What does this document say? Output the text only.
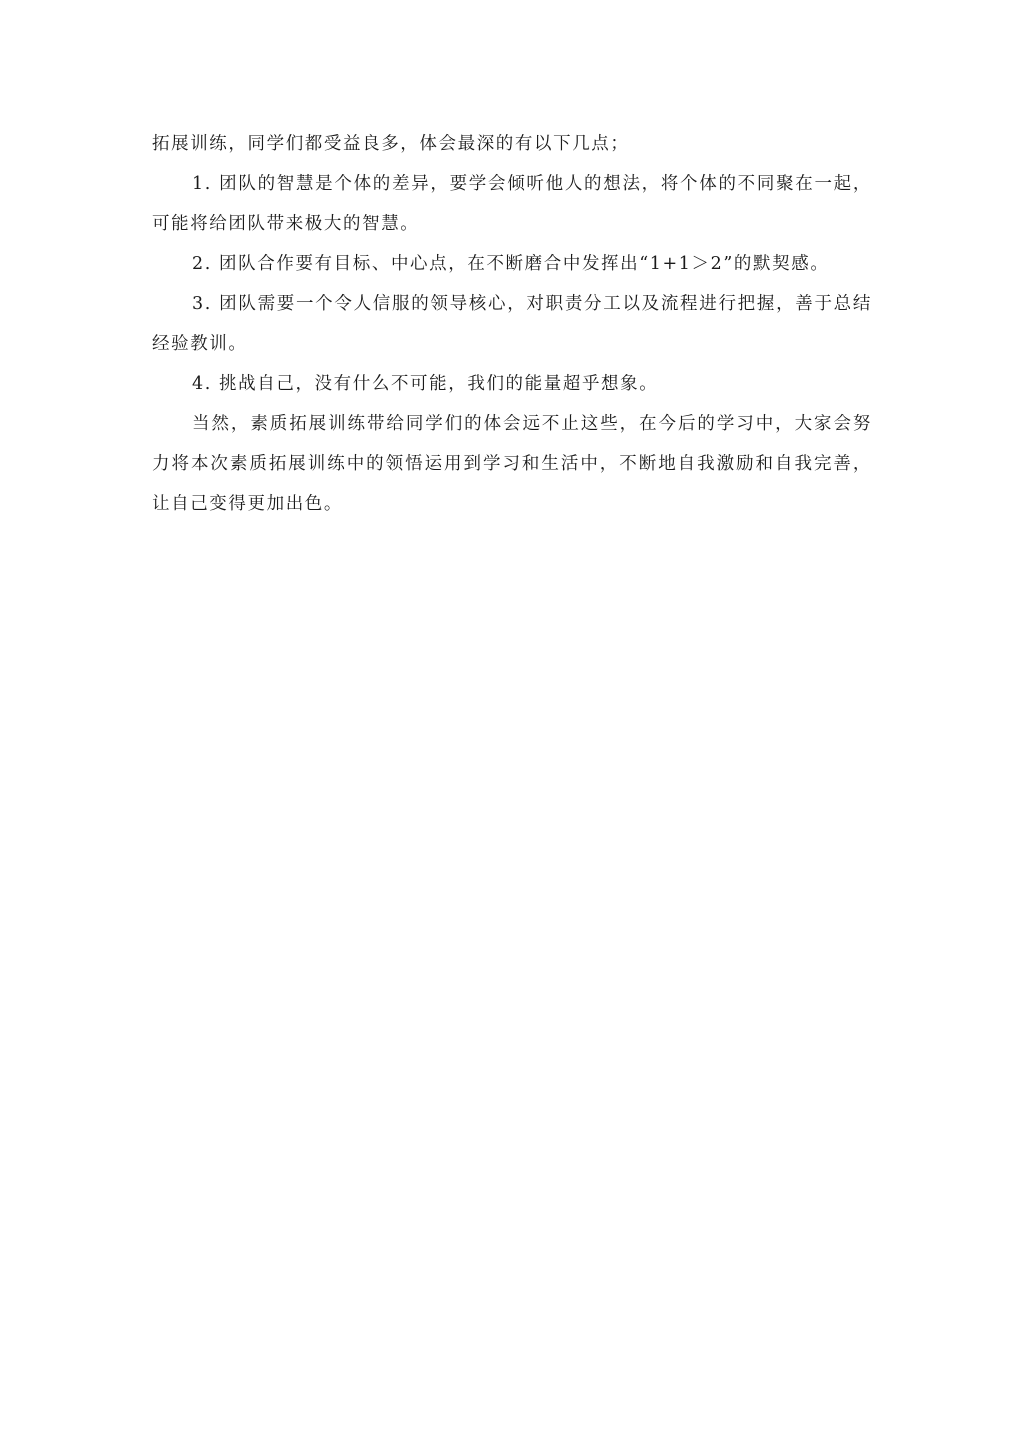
拓展训练，同学们都受益良多，体会最深的有以下几点；

1. 团队的智慧是个体的差异，要学会倾听他人的想法，将个体的不同聚在一起，可能将给团队带来极大的智慧。

2. 团队合作要有目标、中心点，在不断磨合中发挥出“1+1＞2”的默契感。

3. 团队需要一个令人信服的领导核心，对职责分工以及流程进行把握，善于总结经验教训。

4. 挑战自己，没有什么不可能，我们的能量超乎想象。

当然，素质拓展训练带给同学们的体会远不止这些，在今后的学习中，大家会努力将本次素质拓展训练中的领悟运用到学习和生活中，不断地自我激励和自我完善，让自己变得更加出色。
